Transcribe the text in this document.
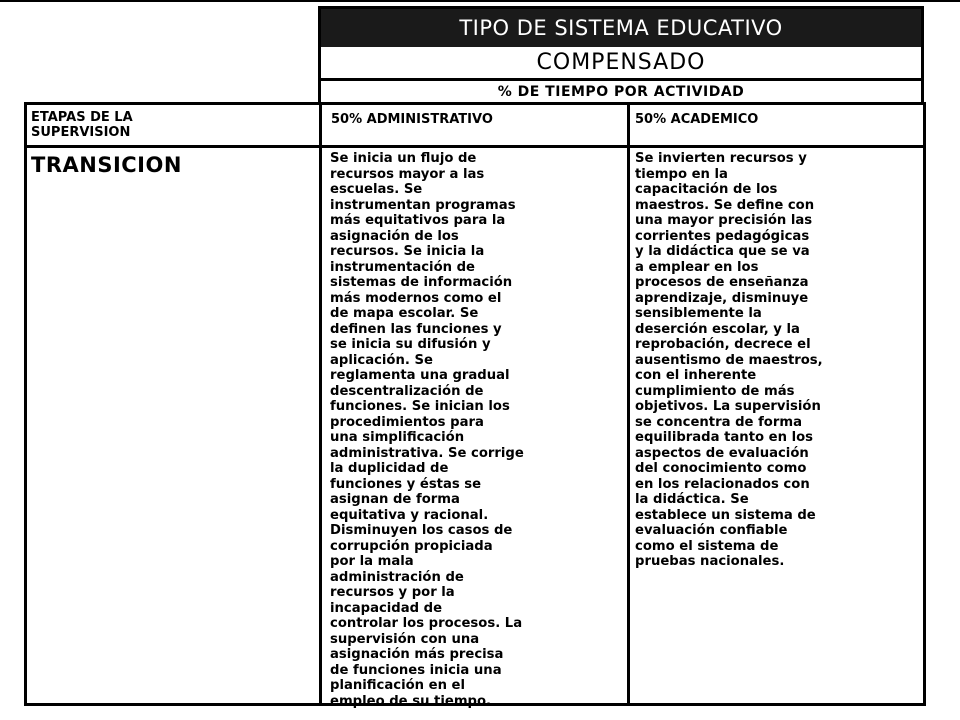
TIPO DE SISTEMA EDUCATIVO
COMPENSADO
% DE TIEMPO POR ACTIVIDAD
ETAPAS DE LA
SUPERVISION
50% ADMINISTRATIVO	50% ACADEMICO
TRANSICION	Se inicia un flujo de
recursos mayor a las
escuelas. Se
instrumentan programas
más equitativos para la
asignación de los
recursos. Se inicia la
instrumentación de
sistemas de información
más modernos como el
de mapa escolar. Se
definen las funciones y
se inicia su difusión y
aplicación. Se
reglamenta una gradual
descentralización de
funciones. Se inician los
procedimientos para
una simplificación
administrativa. Se corrige
la duplicidad de
funciones y éstas se
asignan de forma
equitativa y racional.
Disminuyen los casos de
corrupción propiciada
por la mala
administración de
recursos y por la
incapacidad de
controlar los procesos. La
supervisión con una
asignación más precisa
de funciones inicia una
planificación en el
empleo de su tiempo.
Se invierten recursos y
tiempo en la
capacitación de los
maestros. Se define con
una mayor precisión las
corrientes pedagógicas
y la didáctica que se va
a emplear en los
procesos de enseñanza
aprendizaje, disminuye
sensiblemente la
deserción escolar, y la
reprobación, decrece el
ausentismo de maestros,
con el inherente
cumplimiento de más
objetivos. La supervisión
se concentra de forma
equilibrada tanto en los
aspectos de evaluación
del conocimiento como
en los relacionados con
la didáctica. Se
establece un sistema de
evaluación confiable
como el sistema de
pruebas nacionales.
